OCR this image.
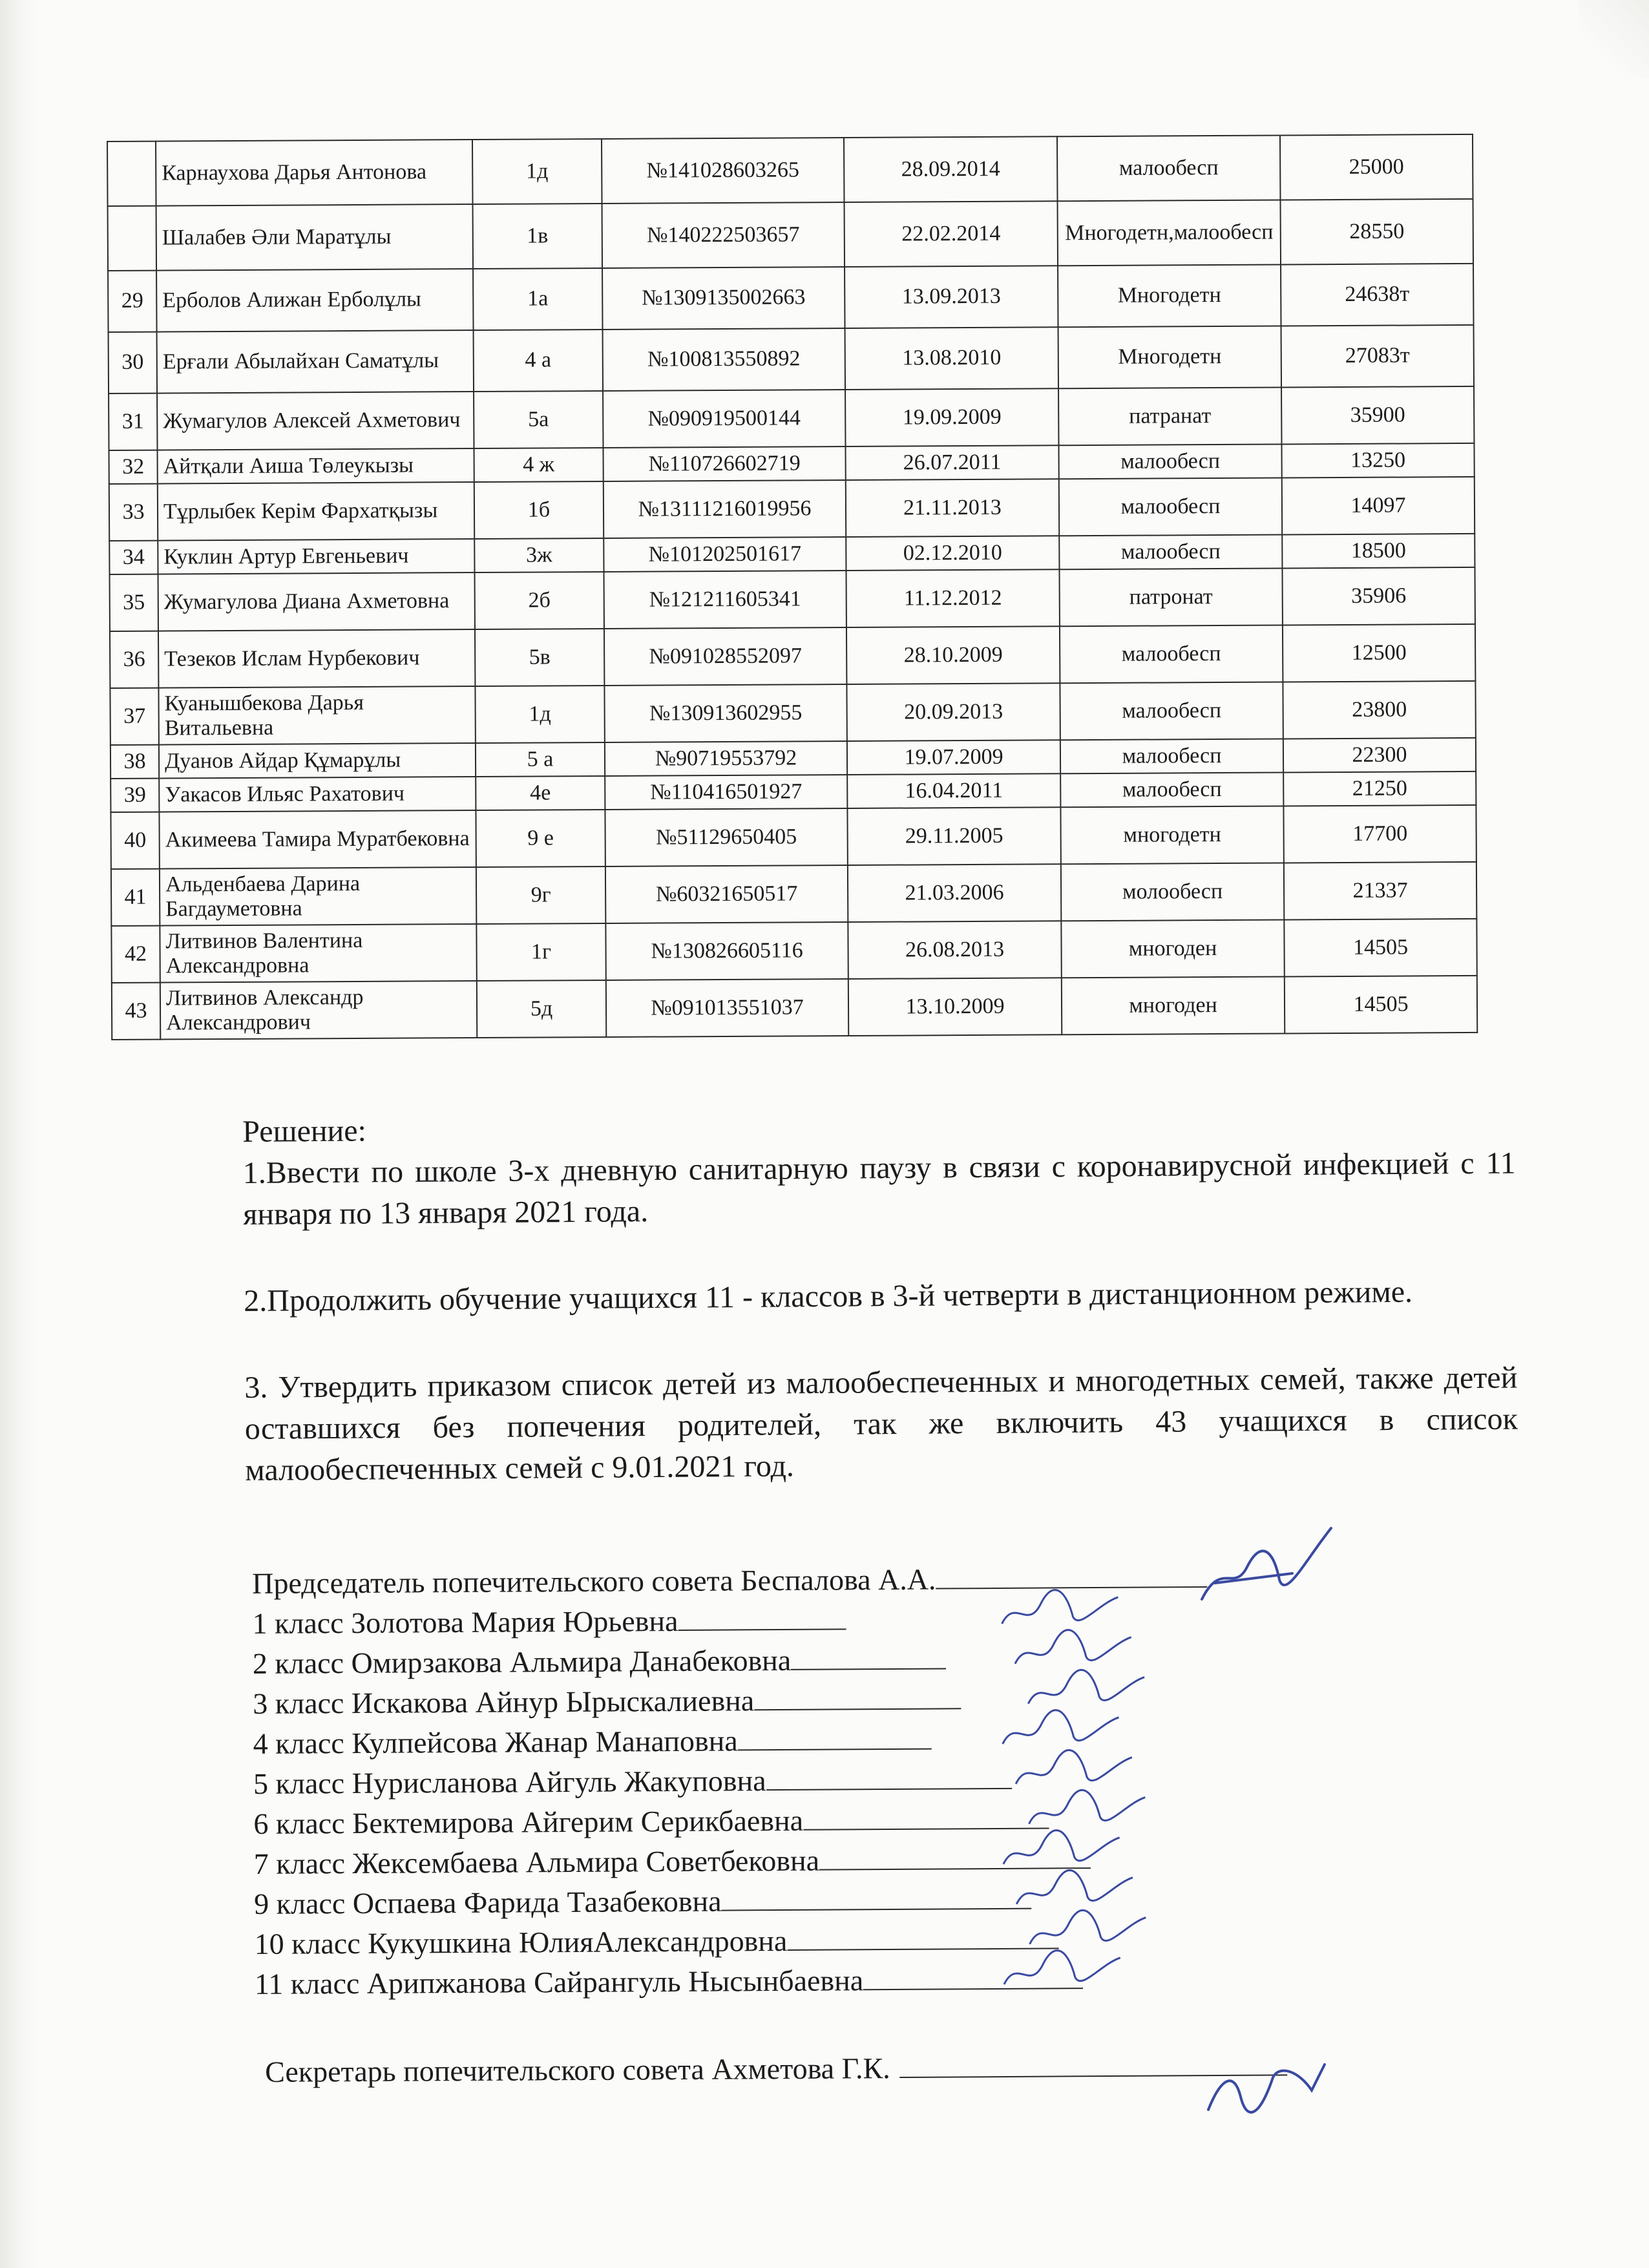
	Карнаухова Дарья Антонова	1д	№141028603265	28.09.2014	малообесп	25000
	Шалабев Әли Маратұлы	1в	№140222503657	22.02.2014	Многодетн,малообесп	28550
29	Ерболов Алижан Ерболұлы	1а	№1309135002663	13.09.2013	Многодетн	24638т
30	Ерғали Абылайхан Саматұлы	4 а	№100813550892	13.08.2010	Многодетн	27083т
31	Жумагулов Алексей Ахметович	5а	№090919500144	19.09.2009	патранат	35900
32	Айтқали Аиша Төлеукызы	4 ж	№110726602719	26.07.2011	малообесп	13250
33	Тұрлыбек Керім Фархатқызы	1б	№13111216019956	21.11.2013	малообесп	14097
34	Куклин Артур Евгеньевич	3ж	№101202501617	02.12.2010	малообесп	18500
35	Жумагулова Диана Ахметовна	2б	№121211605341	11.12.2012	патронат	35906
36	Тезеков Ислам Нурбекович	5в	№091028552097	28.10.2009	малообесп	12500
37	Куанышбекова Дарья Витальевна	1д	№130913602955	20.09.2013	малообесп	23800
38	Дуанов Айдар Құмарұлы	5 а	№90719553792	19.07.2009	малообесп	22300
39	Уакасов Ильяс Рахатович	4е	№110416501927	16.04.2011	малообесп	21250
40	Акимеева Тамира Муратбековна	9 е	№51129650405	29.11.2005	многодетн	17700
41	Альденбаева Дарина Багдауметовна	9г	№60321650517	21.03.2006	молообесп	21337
42	Литвинов Валентина Александровна	1г	№130826605116	26.08.2013	многоден	14505
43	Литвинов Александр Александрович	5д	№091013551037	13.10.2009	многоден	14505

Решение:

1.Ввести по школе 3-х дневную санитарную паузу в связи с коронавирусной инфекцией с 11 января по 13 января 2021 года.

2.Продолжить обучение учащихся 11 - классов в 3-й четверти в дистанционном режиме.

3. Утвердить приказом список детей из малообеспеченных и многодетных семей, также детей оставшихся без попечения родителей, так же включить 43 учащихся в список малообеспеченных семей с 9.01.2021 год.

Председатель попечительского совета Беспалова А.А.
1 класс Золотова Мария Юрьевна
2 класс Омирзакова Альмира Данабековна
3 класс Искакова Айнур Ырыскалиевна
4 класс Кулпейсова Жанар Манаповна
5 класс Нурисланова Айгуль Жакуповна
6 класс Бектемирова Айгерим Серикбаевна
7 класс Жексембаева Альмира Советбековна
9 класс Оспаева Фарида Тазабековна
10 класс Кукушкина ЮлияАлександровна
11 класс Арипжанова Сайрангуль Нысынбаевна
Секретарь попечительского совета Ахметова Г.К.
